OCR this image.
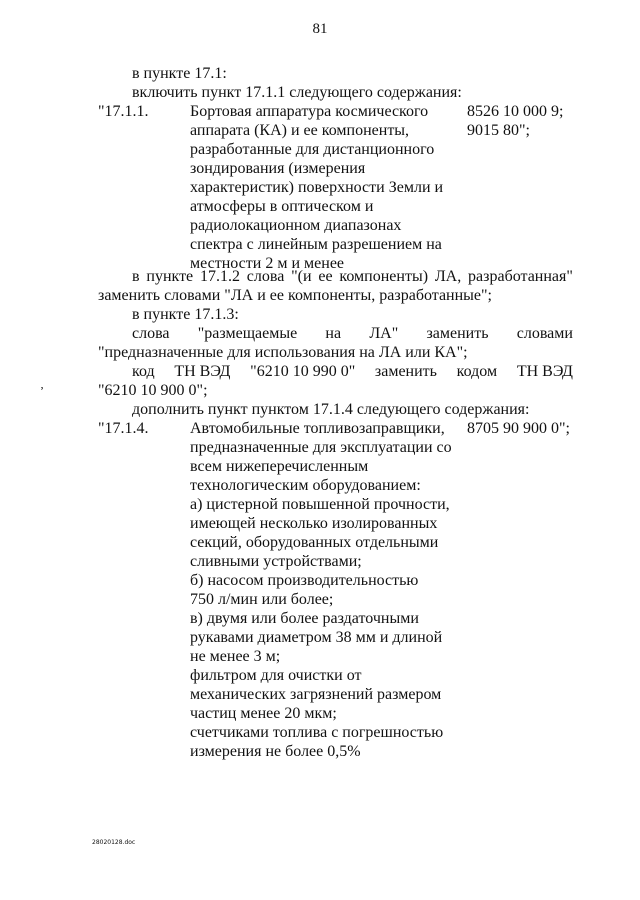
81
в пункте 17.1:
включить пункт 17.1.1 следующего содержания:
"17.1.1.	Бортовая аппаратура космического
аппарата (КА) и ее компоненты,
разработанные для дистанционного
зондирования (измерения
характеристик) поверхности Земли и
атмосферы в оптическом и
радиолокационном диапазонах
спектра с линейным разрешением на
местности 2 м и менее
8526 10 000 9;
9015 80";
в пункте 17.1.2 слова "(и ее компоненты) ЛА, разработанная"
заменить словами "ЛА и ее компоненты, разработанные";
в пункте 17.1.3:
слова "размещаемые на ЛА" заменить словами
"предназначенные для использования на ЛА или КА";
код ТН ВЭД "6210 10 990 0" заменить кодом ТН ВЭД
"6210 10 900 0";
‚
дополнить пункт пунктом 17.1.4 следующего содержания:
"17.1.4.	Автомобильные топливозаправщики,
предназначенные для эксплуатации со
всем нижеперечисленным
технологическим оборудованием:
а) цистерной повышенной прочности,
имеющей несколько изолированных
секций, оборудованных отдельными
сливными устройствами;
б) насосом производительностью
750 л/мин или более;
в) двумя или более раздаточными
рукавами диаметром 38 мм и длиной
не менее 3 м;
фильтром для очистки от
механических загрязнений размером
частиц менее 20 мкм;
счетчиками топлива с погрешностью
измерения не более 0,5%
8705 90 900 0";
28020128.doc
